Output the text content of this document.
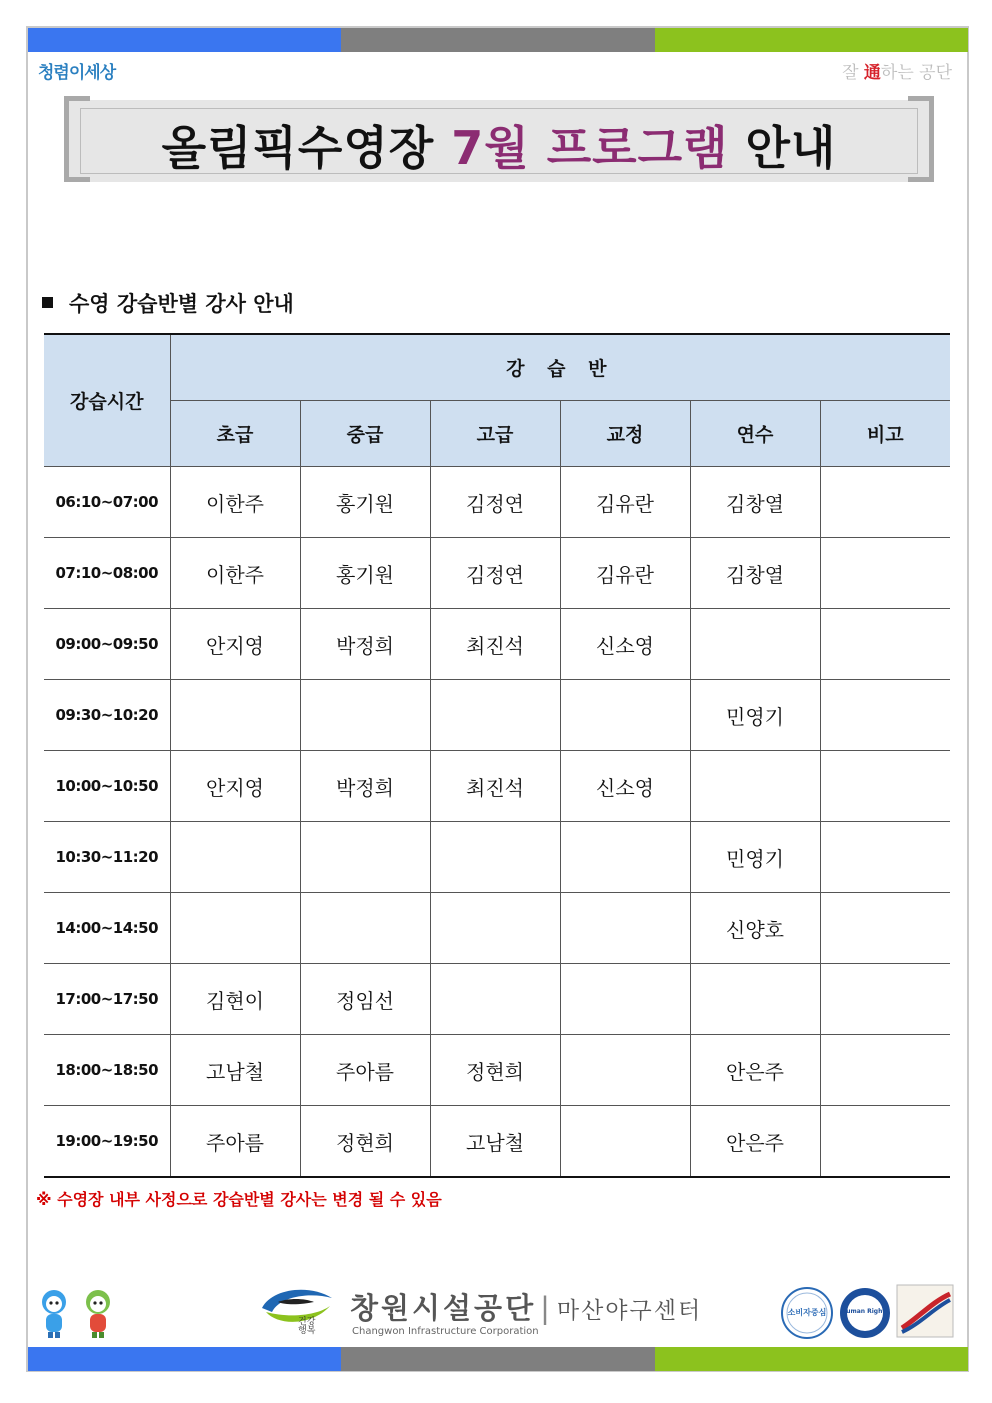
청렴이세상	잘 通하는 공단
올림픽수영장 7월 프로그램 안내
수영 강습반별 강사 안내
강습시간	강 습 반					
	초급	중급	고급	교정	연수	비고
06:10~07:00	이한주	홍기원	김정연	김유란	김창열	
07:10~08:00	이한주	홍기원	김정연	김유란	김창열	
09:00~09:50	안지영	박정희	최진석	신소영		
09:30~10:20					민영기	
10:00~10:50	안지영	박정희	최진석	신소영		
10:30~11:20					민영기	
14:00~14:50					신양호	
17:00~17:50	김현이	정임선				
18:00~18:50	고남철	주아름	정현희		안은주	
19:00~19:50	주아름	정현희	고남철		안은주	
※ 수영장 내부 사정으로 강습반별 강사는 변경 될 수 있음
건강 행복
창원시설공단 | 마산야구센터
Changwon Infrastructure Corporation
소비자중심	Human Rights
